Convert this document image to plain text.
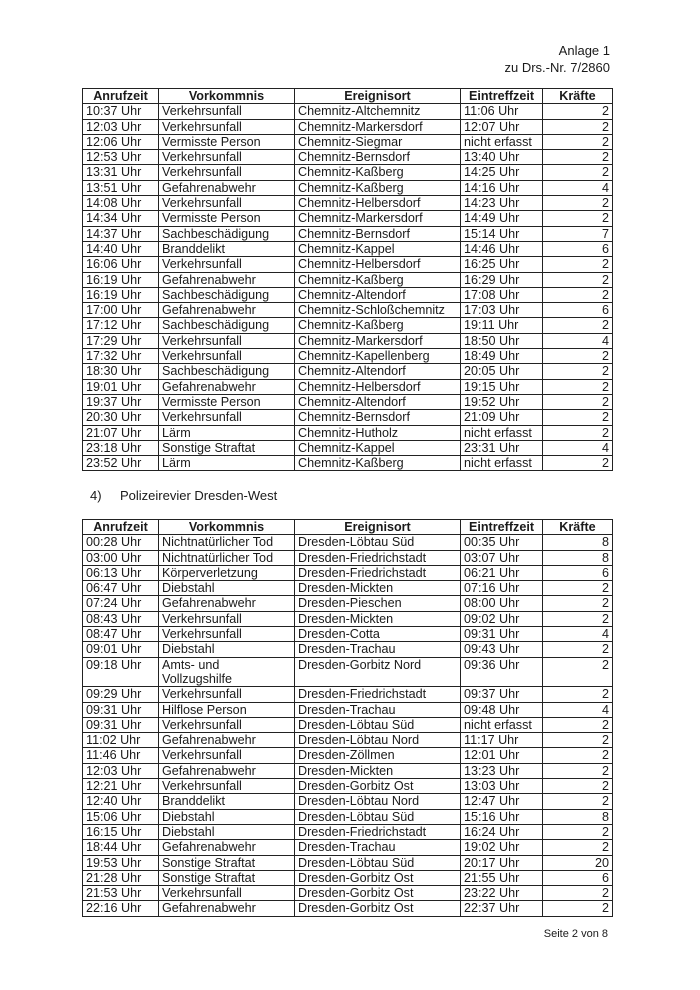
Anlage 1
zu Drs.-Nr. 7/2860
Anrufzeit	Vorkommnis	Ereignisort	Eintreffzeit	Kräfte
10:37 Uhr	Verkehrsunfall	Chemnitz-Altchemnitz	11:06 Uhr	2
12:03 Uhr	Verkehrsunfall	Chemnitz-Markersdorf	12:07 Uhr	2
12:06 Uhr	Vermisste Person	Chemnitz-Siegmar	nicht erfasst	2
12:53 Uhr	Verkehrsunfall	Chemnitz-Bernsdorf	13:40 Uhr	2
13:31 Uhr	Verkehrsunfall	Chemnitz-Kaßberg	14:25 Uhr	2
13:51 Uhr	Gefahrenabwehr	Chemnitz-Kaßberg	14:16 Uhr	4
14:08 Uhr	Verkehrsunfall	Chemnitz-Helbersdorf	14:23 Uhr	2
14:34 Uhr	Vermisste Person	Chemnitz-Markersdorf	14:49 Uhr	2
14:37 Uhr	Sachbeschädigung	Chemnitz-Bernsdorf	15:14 Uhr	7
14:40 Uhr	Branddelikt	Chemnitz-Kappel	14:46 Uhr	6
16:06 Uhr	Verkehrsunfall	Chemnitz-Helbersdorf	16:25 Uhr	2
16:19 Uhr	Gefahrenabwehr	Chemnitz-Kaßberg	16:29 Uhr	2
16:19 Uhr	Sachbeschädigung	Chemnitz-Altendorf	17:08 Uhr	2
17:00 Uhr	Gefahrenabwehr	Chemnitz-Schloßchemnitz	17:03 Uhr	6
17:12 Uhr	Sachbeschädigung	Chemnitz-Kaßberg	19:11 Uhr	2
17:29 Uhr	Verkehrsunfall	Chemnitz-Markersdorf	18:50 Uhr	4
17:32 Uhr	Verkehrsunfall	Chemnitz-Kapellenberg	18:49 Uhr	2
18:30 Uhr	Sachbeschädigung	Chemnitz-Altendorf	20:05 Uhr	2
19:01 Uhr	Gefahrenabwehr	Chemnitz-Helbersdorf	19:15 Uhr	2
19:37 Uhr	Vermisste Person	Chemnitz-Altendorf	19:52 Uhr	2
20:30 Uhr	Verkehrsunfall	Chemnitz-Bernsdorf	21:09 Uhr	2
21:07 Uhr	Lärm	Chemnitz-Hutholz	nicht erfasst	2
23:18 Uhr	Sonstige Straftat	Chemnitz-Kappel	23:31 Uhr	4
23:52 Uhr	Lärm	Chemnitz-Kaßberg	nicht erfasst	2
4) Polizeirevier Dresden-West
Anrufzeit	Vorkommnis	Ereignisort	Eintreffzeit	Kräfte
00:28 Uhr	Nichtnatürlicher Tod	Dresden-Löbtau Süd	00:35 Uhr	8
03:00 Uhr	Nichtnatürlicher Tod	Dresden-Friedrichstadt	03:07 Uhr	8
06:13 Uhr	Körperverletzung	Dresden-Friedrichstadt	06:21 Uhr	6
06:47 Uhr	Diebstahl	Dresden-Mickten	07:16 Uhr	2
07:24 Uhr	Gefahrenabwehr	Dresden-Pieschen	08:00 Uhr	2
08:43 Uhr	Verkehrsunfall	Dresden-Mickten	09:02 Uhr	2
08:47 Uhr	Verkehrsunfall	Dresden-Cotta	09:31 Uhr	4
09:01 Uhr	Diebstahl	Dresden-Trachau	09:43 Uhr	2
09:18 Uhr	Amts- und Vollzugshilfe	Dresden-Gorbitz Nord	09:36 Uhr	2
09:29 Uhr	Verkehrsunfall	Dresden-Friedrichstadt	09:37 Uhr	2
09:31 Uhr	Hilflose Person	Dresden-Trachau	09:48 Uhr	4
09:31 Uhr	Verkehrsunfall	Dresden-Löbtau Süd	nicht erfasst	2
11:02 Uhr	Gefahrenabwehr	Dresden-Löbtau Nord	11:17 Uhr	2
11:46 Uhr	Verkehrsunfall	Dresden-Zöllmen	12:01 Uhr	2
12:03 Uhr	Gefahrenabwehr	Dresden-Mickten	13:23 Uhr	2
12:21 Uhr	Verkehrsunfall	Dresden-Gorbitz Ost	13:03 Uhr	2
12:40 Uhr	Branddelikt	Dresden-Löbtau Nord	12:47 Uhr	2
15:06 Uhr	Diebstahl	Dresden-Löbtau Süd	15:16 Uhr	8
16:15 Uhr	Diebstahl	Dresden-Friedrichstadt	16:24 Uhr	2
18:44 Uhr	Gefahrenabwehr	Dresden-Trachau	19:02 Uhr	2
19:53 Uhr	Sonstige Straftat	Dresden-Löbtau Süd	20:17 Uhr	20
21:28 Uhr	Sonstige Straftat	Dresden-Gorbitz Ost	21:55 Uhr	6
21:53 Uhr	Verkehrsunfall	Dresden-Gorbitz Ost	23:22 Uhr	2
22:16 Uhr	Gefahrenabwehr	Dresden-Gorbitz Ost	22:37 Uhr	2
Seite 2 von 8
